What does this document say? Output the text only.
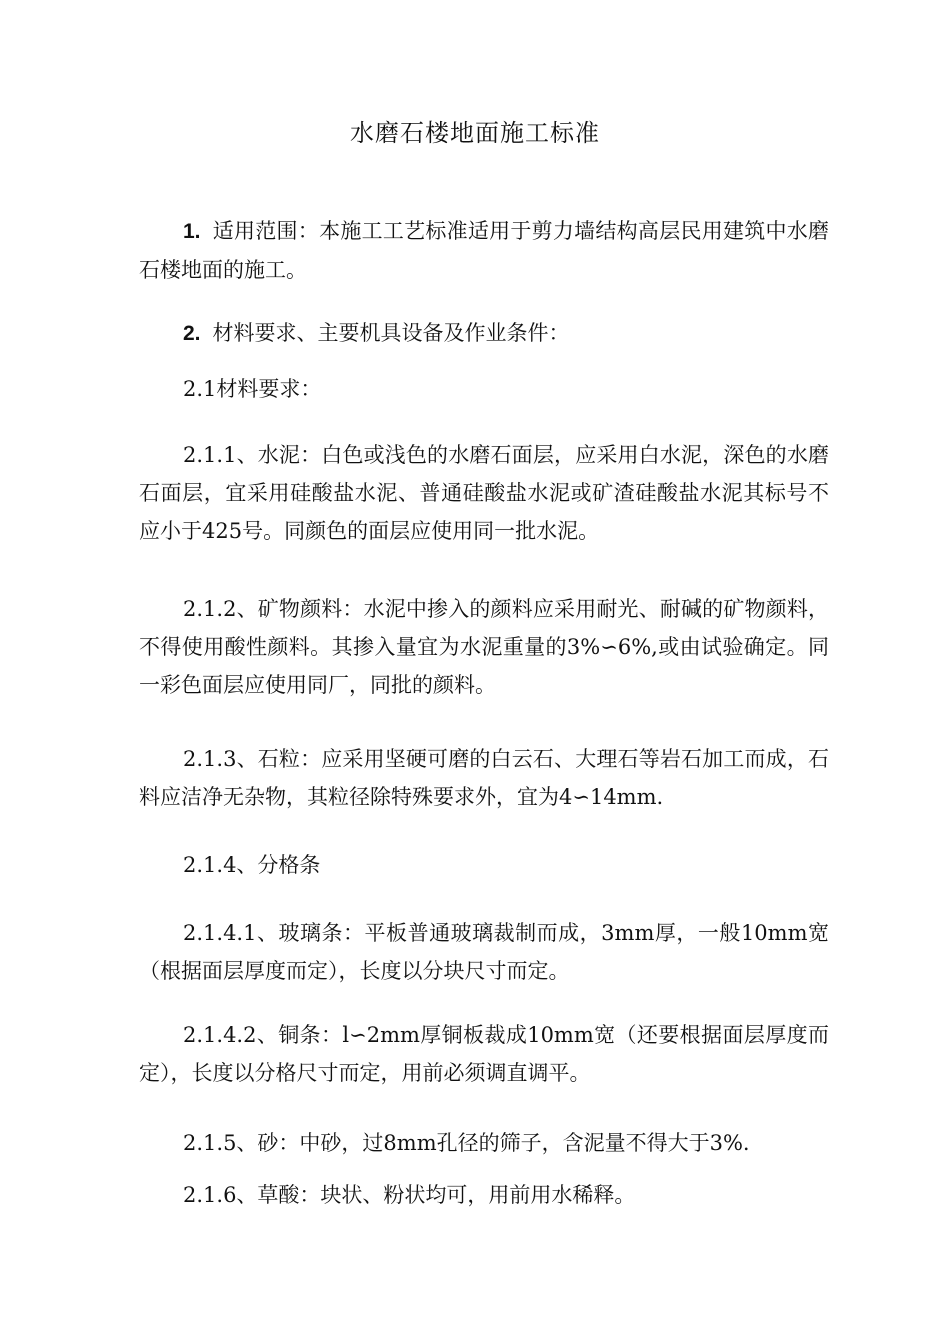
水磨石楼地面施工标准
1. 适用范围：本施工工艺标准适用于剪力墙结构高层民用建筑中水磨石楼地面的施工。
2. 材料要求、主要机具设备及作业条件：
2.1材料要求：
2.1.1、水泥：白色或浅色的水磨石面层，应采用白水泥，深色的水磨石面层，宜采用硅酸盐水泥、普通硅酸盐水泥或矿渣硅酸盐水泥其标号不应小于425号。同颜色的面层应使用同一批水泥。
2.1.2、矿物颜料：水泥中掺入的颜料应采用耐光、耐碱的矿物颜料，不得使用酸性颜料。其掺入量宜为水泥重量的3%∽6%,或由试验确定。同一彩色面层应使用同厂，同批的颜料。
2.1.3、石粒：应采用坚硬可磨的白云石、大理石等岩石加工而成，石料应洁净无杂物，其粒径除特殊要求外，宜为4∽14mm.
2.1.4、分格条
2.1.4.1、玻璃条：平板普通玻璃裁制而成，3mm厚，一般10mm宽（根据面层厚度而定），长度以分块尺寸而定。
2.1.4.2、铜条：l∽2mm厚铜板裁成10mm宽（还要根据面层厚度而定），长度以分格尺寸而定，用前必须调直调平。
2.1.5、砂：中砂，过8mm孔径的筛子，含泥量不得大于3%.
2.1.6、草酸：块状、粉状均可，用前用水稀释。
